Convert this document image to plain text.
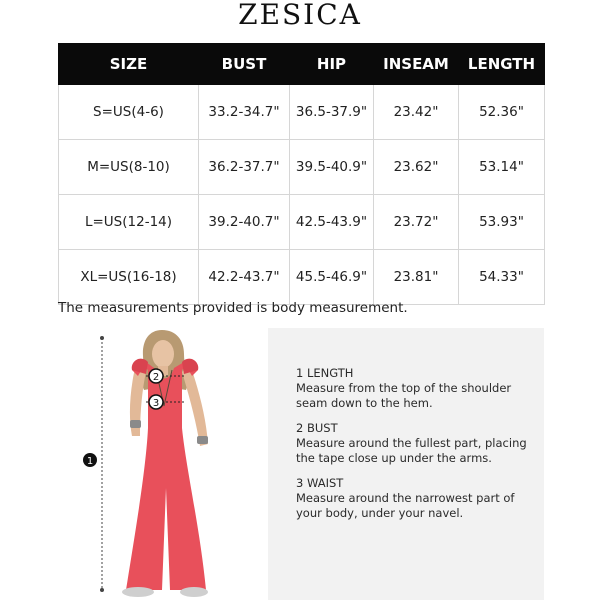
ZESICA
SIZE	BUST	HIP	INSEAM	LENGTH
S=US(4-6)	33.2-34.7"	36.5-37.9"	23.42"	52.36"
M=US(8-10)	36.2-37.7"	39.5-40.9"	23.62"	53.14"
L=US(12-14)	39.2-40.7"	42.5-43.9"	23.72"	53.93"
XL=US(16-18)	42.2-43.7"	45.5-46.9"	23.81"	54.33"
The measurements provided is body measurement.
1
2
3
1 LENGTH
Measure from the top of the shoulder seam down to the hem.
2 BUST
Measure around the fullest part, placing the tape close up under the arms.
3 WAIST
Measure around the narrowest part of your body, under your navel.
